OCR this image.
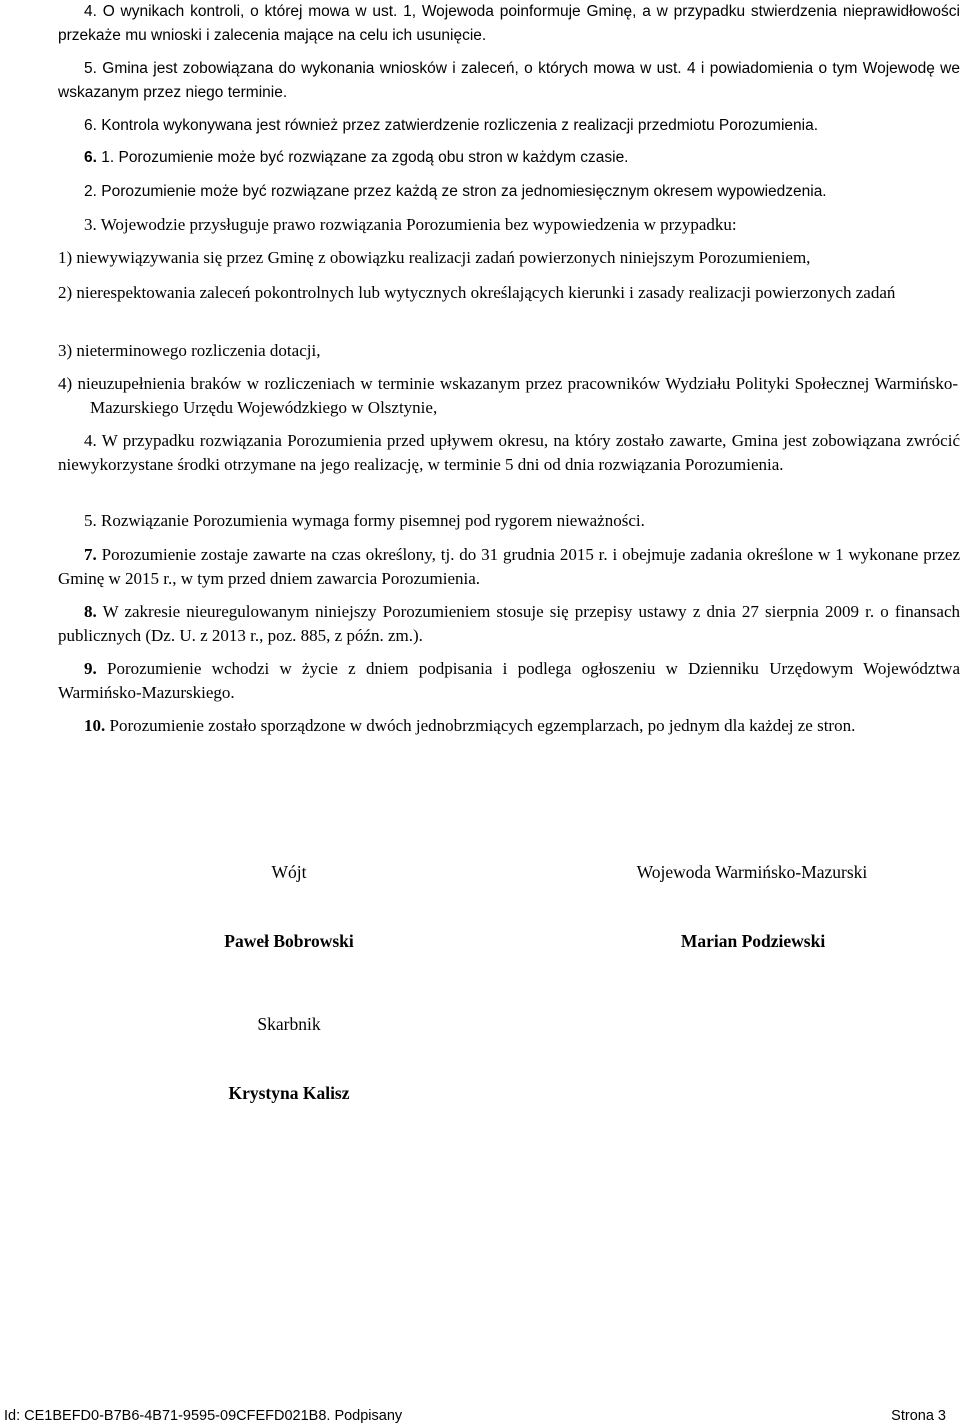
4. O wynikach kontroli, o której mowa w ust. 1, Wojewoda poinformuje Gminę, a w przypadku stwierdzenia nieprawidłowości przekaże mu wnioski i zalecenia mające na celu ich usunięcie.
5. Gmina jest zobowiązana do wykonania wniosków i zaleceń, o których mowa w ust. 4 i powiadomienia o tym Wojewodę we wskazanym przez niego terminie.
6. Kontrola wykonywana jest również przez zatwierdzenie rozliczenia z realizacji przedmiotu Porozumienia.
6. 1. Porozumienie może być rozwiązane za zgodą obu stron w każdym czasie.
2. Porozumienie może być rozwiązane przez każdą ze stron za jednomiesięcznym okresem wypowiedzenia.
3. Wojewodzie przysługuje prawo rozwiązania Porozumienia bez wypowiedzenia w przypadku:
1) niewywiązywania się przez Gminę z obowiązku realizacji zadań powierzonych niniejszym Porozumieniem,
2) nierespektowania zaleceń pokontrolnych lub wytycznych określających kierunki i zasady realizacji powierzonych zadań
3) nieterminowego rozliczenia dotacji,
4) nieuzupełnienia braków w rozliczeniach w terminie wskazanym przez pracowników Wydziału Polityki Społecznej Warmińsko-Mazurskiego Urzędu Wojewódzkiego w Olsztynie,
4. W przypadku rozwiązania Porozumienia przed upływem okresu, na który zostało zawarte, Gmina jest zobowiązana zwrócić niewykorzystane środki otrzymane na jego realizację, w terminie 5 dni od dnia rozwiązania Porozumienia.
5. Rozwiązanie Porozumienia wymaga formy pisemnej pod rygorem nieważności.
7. Porozumienie zostaje zawarte na czas określony, tj. do 31 grudnia 2015 r. i obejmuje zadania określone w 1 wykonane przez Gminę w 2015 r., w tym przed dniem zawarcia Porozumienia.
8. W zakresie nieuregulowanym niniejszy Porozumieniem stosuje się przepisy ustawy z dnia 27 sierpnia 2009 r. o finansach publicznych (Dz. U. z 2013 r., poz. 885, z późn. zm.).
9. Porozumienie wchodzi w życie z dniem podpisania i podlega ogłoszeniu w Dzienniku Urzędowym Województwa Warmińsko-Mazurskiego.
10. Porozumienie zostało sporządzone w dwóch jednobrzmiących egzemplarzach, po jednym dla każdej ze stron.
Wójt	Wojewoda Warmińsko-Mazurski
Paweł Bobrowski	Marian Podziewski
Skarbnik
Krystyna Kalisz
Id: CE1BEFD0-B7B6-4B71-9595-09CFEFD021B8. Podpisany	Strona 3
